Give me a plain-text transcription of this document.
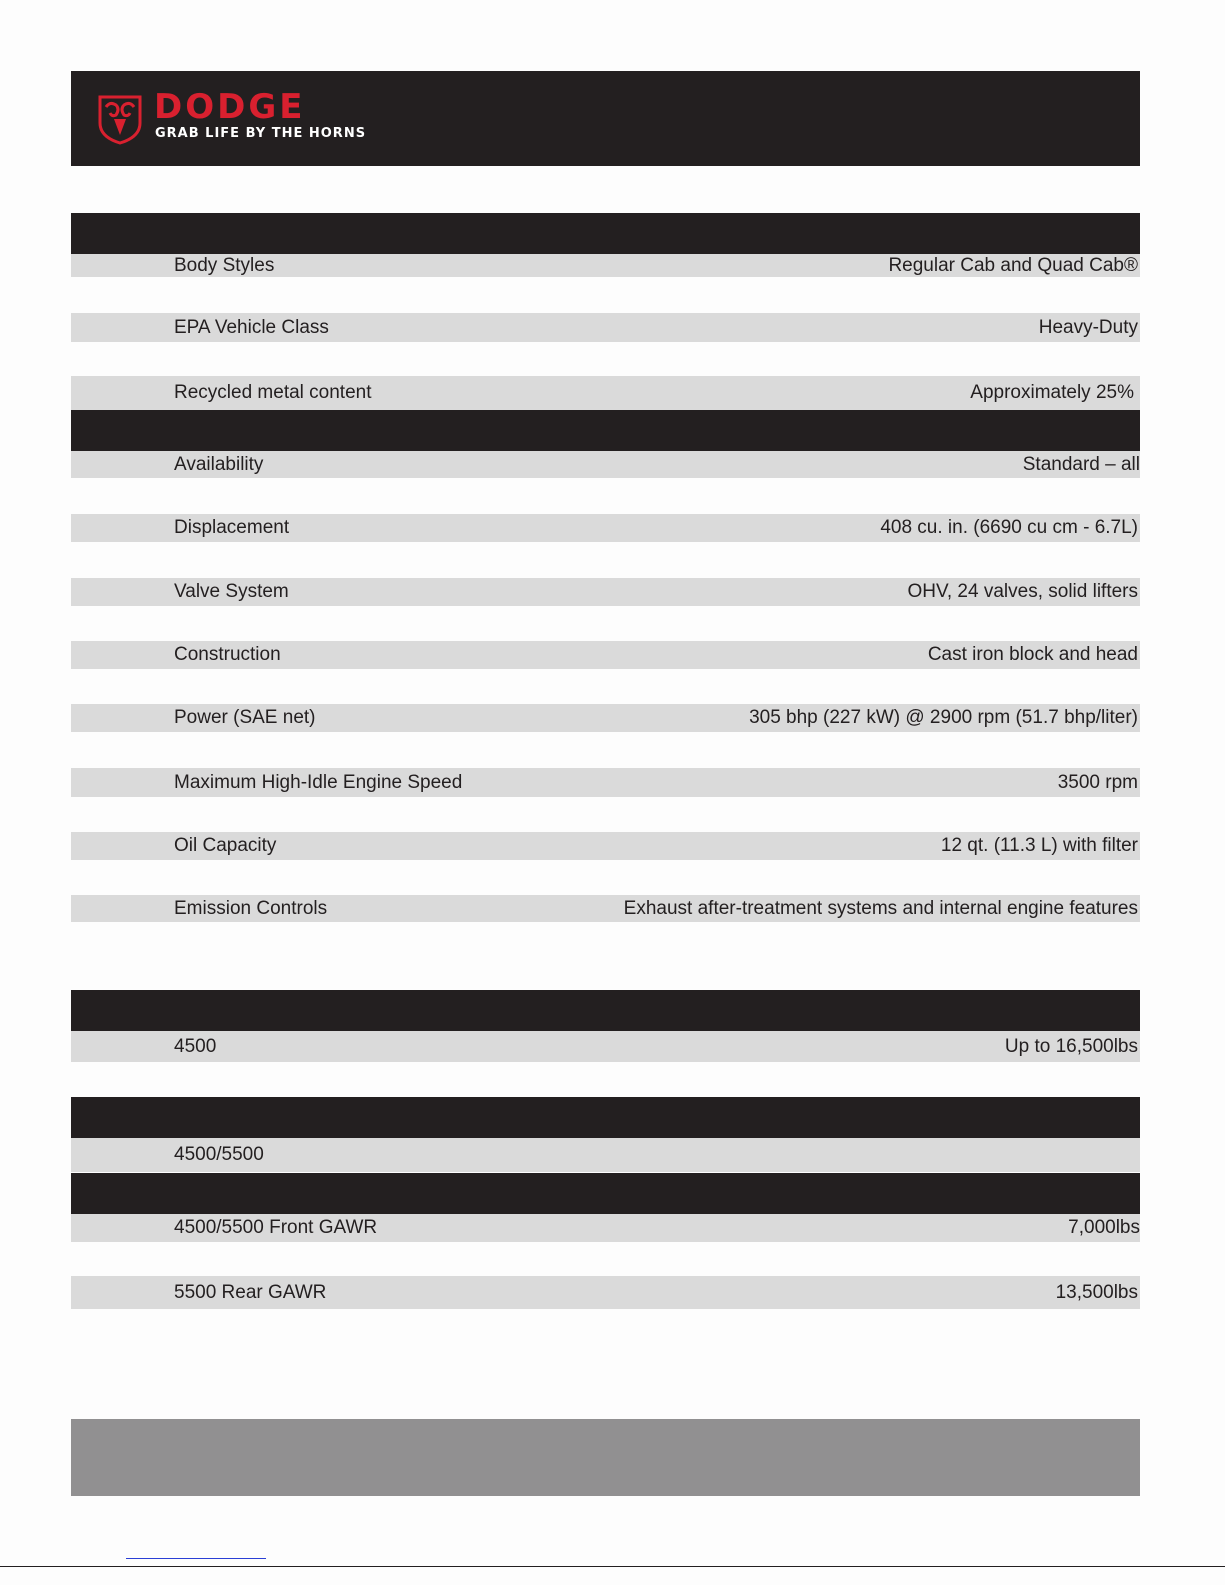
DODGE
GRAB LIFE BY THE HORNS
Body Styles	Regular Cab and Quad Cab®
EPA Vehicle Class	Heavy-Duty
Recycled metal content	Approximately 25%
Availability	Standard – all
Displacement	408 cu. in. (6690 cu cm - 6.7L)
Valve System	OHV, 24 valves, solid lifters
Construction	Cast iron block and head
Power (SAE net)	305 bhp (227 kW) @ 2900 rpm (51.7 bhp/liter)
Maximum High-Idle Engine Speed	3500 rpm
Oil Capacity	12 qt. (11.3 L) with filter
Emission Controls	Exhaust after-treatment systems and internal engine features
4500	Up to 16,500lbs
4500/5500
4500/5500 Front GAWR	7,000lbs
5500 Rear GAWR	13,500lbs
